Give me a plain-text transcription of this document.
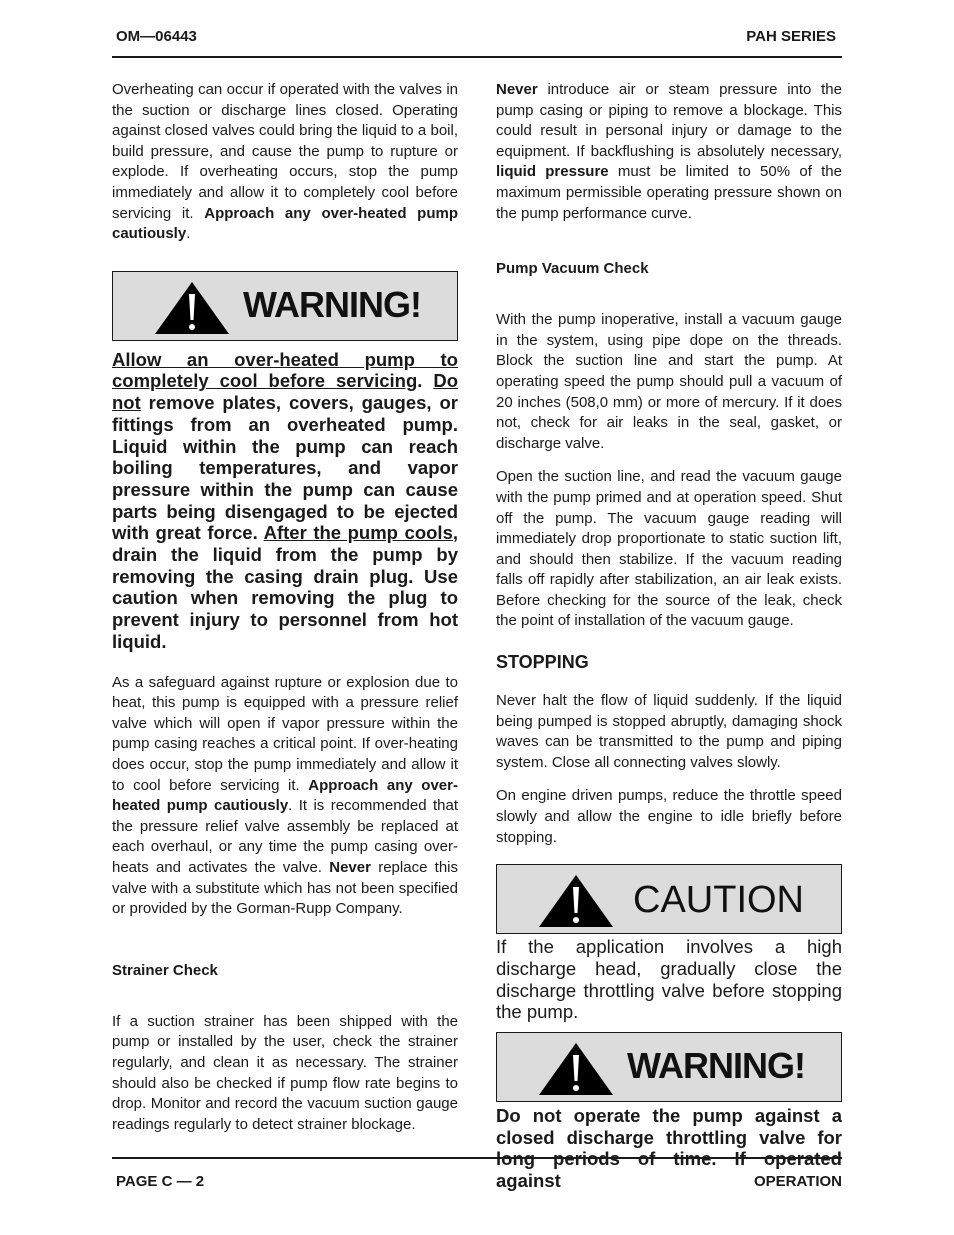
OM—06443	PAH SERIES

Overheating can occur if operated with the valves in the suction or discharge lines closed. Operating against closed valves could bring the liquid to a boil, build pressure, and cause the pump to rupture or explode. If overheating occurs, stop the pump immediately and allow it to completely cool before servicing it. Approach any over-heated pump cautiously.

WARNING!

Allow an over-heated pump to completely cool before servicing. Do not remove plates, covers, gauges, or fittings from an overheated pump. Liquid within the pump can reach boiling temperatures, and vapor pressure within the pump can cause parts being disengaged to be ejected with great force. After the pump cools, drain the liquid from the pump by removing the casing drain plug. Use caution when removing the plug to prevent injury to personnel from hot liquid.

As a safeguard against rupture or explosion due to heat, this pump is equipped with a pressure relief valve which will open if vapor pressure within the pump casing reaches a critical point. If over-heating does occur, stop the pump immediately and allow it to cool before servicing it. Approach any over-heated pump cautiously. It is recommended that the pressure relief valve assembly be replaced at each overhaul, or any time the pump casing over-heats and activates the valve. Never replace this valve with a substitute which has not been specified or provided by the Gorman-Rupp Company.

Strainer Check

If a suction strainer has been shipped with the pump or installed by the user, check the strainer regularly, and clean it as necessary. The strainer should also be checked if pump flow rate begins to drop. Monitor and record the vacuum suction gauge readings regularly to detect strainer blockage.

Never introduce air or steam pressure into the pump casing or piping to remove a blockage. This could result in personal injury or damage to the equipment. If backflushing is absolutely necessary, liquid pressure must be limited to 50% of the maximum permissible operating pressure shown on the pump performance curve.

Pump Vacuum Check

With the pump inoperative, install a vacuum gauge in the system, using pipe dope on the threads. Block the suction line and start the pump. At operating speed the pump should pull a vacuum of 20 inches (508,0 mm) or more of mercury. If it does not, check for air leaks in the seal, gasket, or discharge valve.

Open the suction line, and read the vacuum gauge with the pump primed and at operation speed. Shut off the pump. The vacuum gauge reading will immediately drop proportionate to static suction lift, and should then stabilize. If the vacuum reading falls off rapidly after stabilization, an air leak exists. Before checking for the source of the leak, check the point of installation of the vacuum gauge.

STOPPING

Never halt the flow of liquid suddenly. If the liquid being pumped is stopped abruptly, damaging shock waves can be transmitted to the pump and piping system. Close all connecting valves slowly.

On engine driven pumps, reduce the throttle speed slowly and allow the engine to idle briefly before stopping.

CAUTION

If the application involves a high discharge head, gradually close the discharge throttling valve before stopping the pump.

WARNING!

Do not operate the pump against a closed discharge throttling valve for against

PAGE C — 2	OPERATION
